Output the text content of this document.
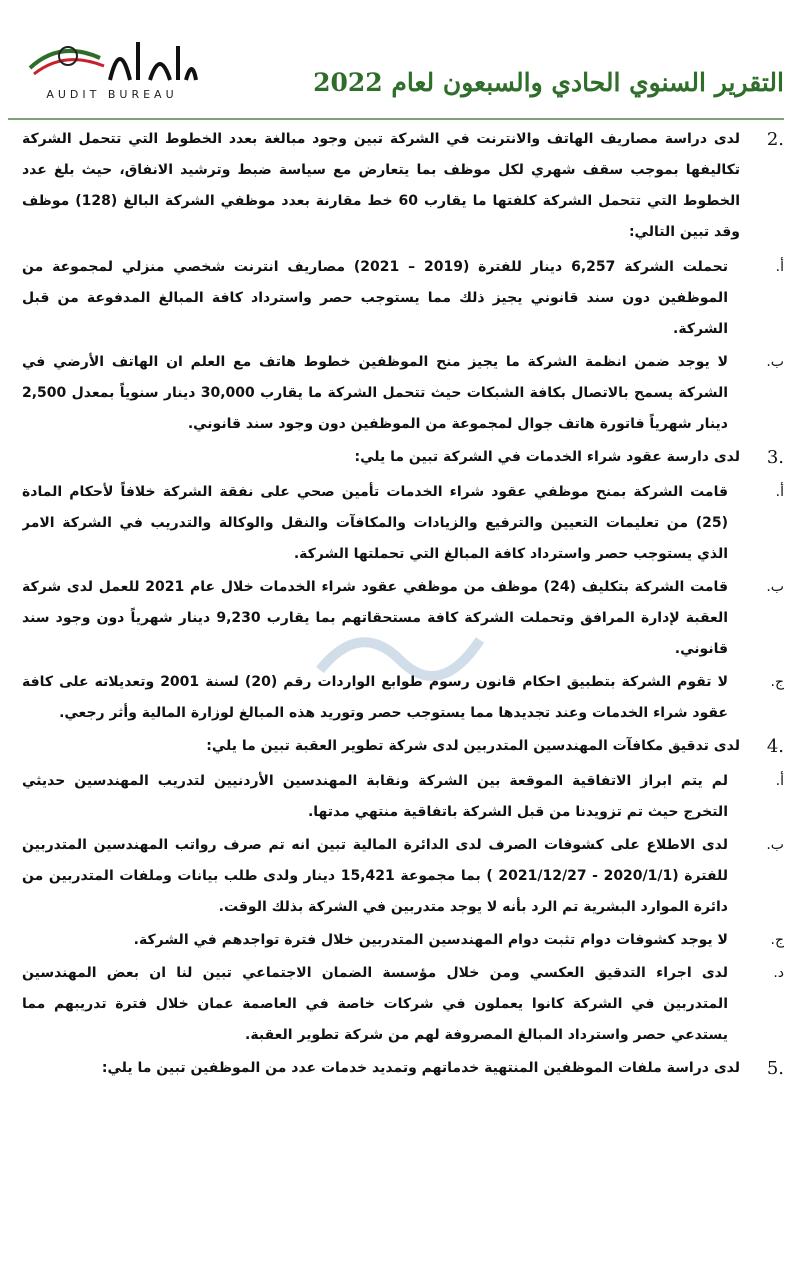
AUDIT BUREAU	التقرير السنوي الحادي والسبعون لعام 2022
.2
لدى دراسة مصاريف الهاتف والانترنت في الشركة تبين وجود مبالغة بعدد الخطوط التي تتحمل الشركة تكاليفها بموجب سقف شهري لكل موظف بما يتعارض مع سياسة ضبط وترشيد الانفاق، حيث بلغ عدد الخطوط التي تتحمل الشركة كلفتها ما يقارب 60 خط مقارنة بعدد موظفي الشركة البالغ (128) موظف وقد تبين التالي:
أ.
تحملت الشركة 6,257 دينار للفترة (2019 – 2021) مصاريف انترنت شخصي منزلي لمجموعة من الموظفين دون سند قانوني يجيز ذلك مما يستوجب حصر واسترداد كافة المبالغ المدفوعة من قبل الشركة.
ب.
لا يوجد ضمن انظمة الشركة ما يجيز منح الموظفين خطوط هاتف مع العلم ان الهاتف الأرضي في الشركة يسمح بالاتصال بكافة الشبكات حيث تتحمل الشركة ما يقارب 30,000 دينار سنوياً بمعدل 2,500 دينار شهرياً فاتورة هاتف جوال لمجموعة من الموظفين دون وجود سند قانوني.
.3
لدى دارسة عقود شراء الخدمات في الشركة تبين ما يلي:
أ.
قامت الشركة بمنح موظفي عقود شراء الخدمات تأمين صحي على نفقة الشركة خلافاً لأحكام المادة (25) من تعليمات التعيين والترفيع والزيادات والمكافآت والنقل والوكالة والتدريب في الشركة الامر الذي يستوجب حصر واسترداد كافة المبالغ التي تحملتها الشركة.
ب.
قامت الشركة بتكليف (24) موظف من موظفي عقود شراء الخدمات خلال عام 2021 للعمل لدى شركة العقبة لإدارة المرافق وتحملت الشركة كافة مستحقاتهم بما يقارب 9,230 دينار شهرياً دون وجود سند قانوني.
ج.
لا تقوم الشركة بتطبيق احكام قانون رسوم طوابع الواردات رقم (20) لسنة 2001 وتعديلاته على كافة عقود شراء الخدمات وعند تجديدها مما يستوجب حصر وتوريد هذه المبالغ لوزارة المالية وأثر رجعي.
.4
لدى تدقيق مكافآت المهندسين المتدربين لدى شركة تطوير العقبة تبين ما يلي:
أ.
لم يتم ابراز الاتفاقية الموقعة بين الشركة ونقابة المهندسين الأردنيين لتدريب المهندسين حديثي التخرج حيث تم تزويدنا من قبل الشركة باتفاقية منتهي مدتها.
ب.
لدى الاطلاع على كشوفات الصرف لدى الدائرة المالية تبين انه تم صرف رواتب المهندسين المتدربين للفترة (2020/1/1 - 2021/12/27 ) بما مجموعة 15,421 دينار ولدى طلب بيانات وملفات المتدربين من دائرة الموارد البشرية تم الرد بأنه لا يوجد متدربين في الشركة بذلك الوقت.
ج.
لا يوجد كشوفات دوام تثبت دوام المهندسين المتدربين خلال فترة تواجدهم في الشركة.
د.
لدى اجراء التدقيق العكسي ومن خلال مؤسسة الضمان الاجتماعي تبين لنا ان بعض المهندسين المتدربين في الشركة كانوا يعملون في شركات خاصة في العاصمة عمان خلال فترة تدريبهم مما يستدعي حصر واسترداد المبالغ المصروفة لهم من شركة تطوير العقبة.
.5
لدى دراسة ملفات الموظفين المنتهية خدماتهم وتمديد خدمات عدد من الموظفين تبين ما يلي:
